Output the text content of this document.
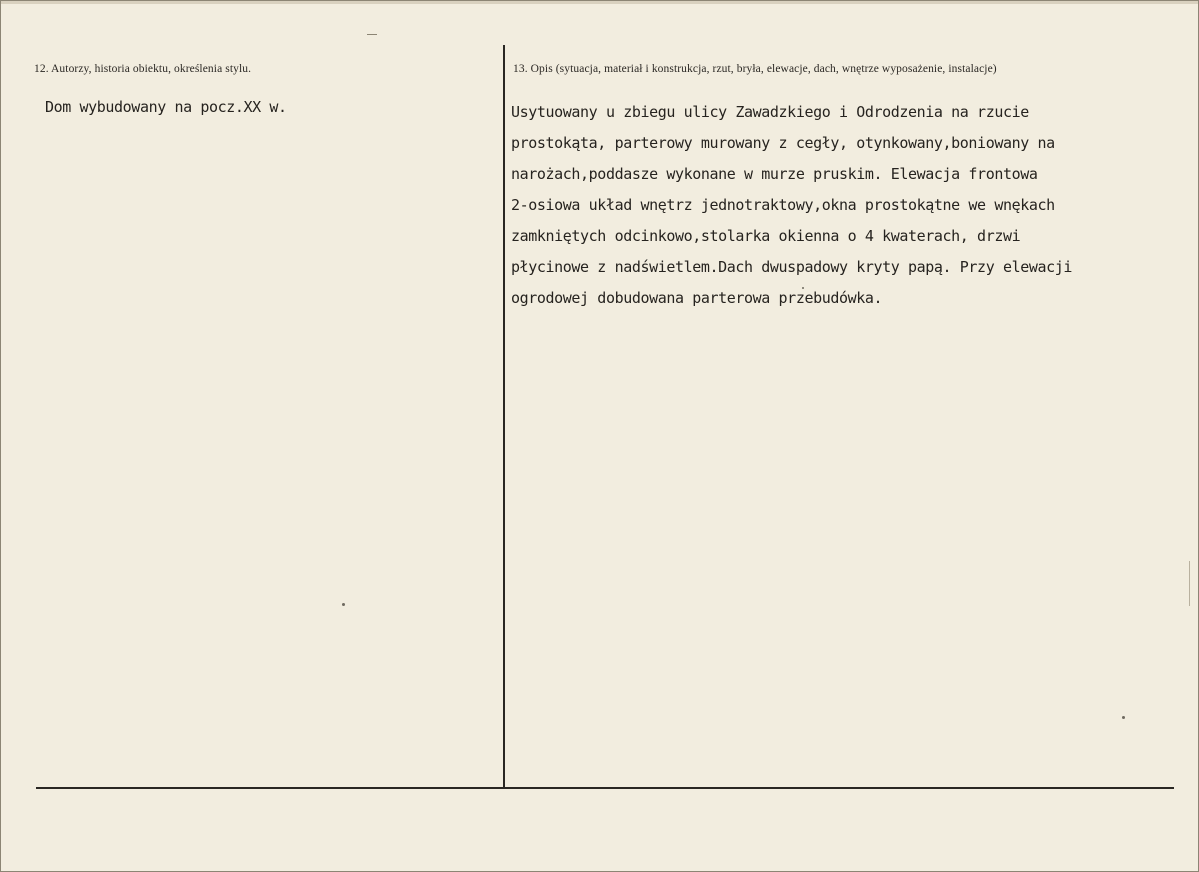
12. Autorzy, historia obiektu, określenia stylu.
Dom wybudowany na pocz.XX w.
13. Opis (sytuacja, materiał i konstrukcja, rzut, bryła, elewacje, dach, wnętrze wyposażenie, instalacje)
Usytuowany u zbiegu ulicy Zawadzkiego i Odrodzenia na rzucie
prostokąta, parterowy murowany z cegły, otynkowany,boniowany na
narożach,poddasze wykonane w murze pruskim. Elewacja frontowa
2-osiowa układ wnętrz jednotraktowy,okna prostokątne we wnękach
zamkniętych odcinkowo,stolarka okienna o 4 kwaterach, drzwi
płycinowe z nadświetlem.Dach dwuspadowy kryty papą. Przy elewacji
ogrodowej dobudowana parterowa przebudówka.
